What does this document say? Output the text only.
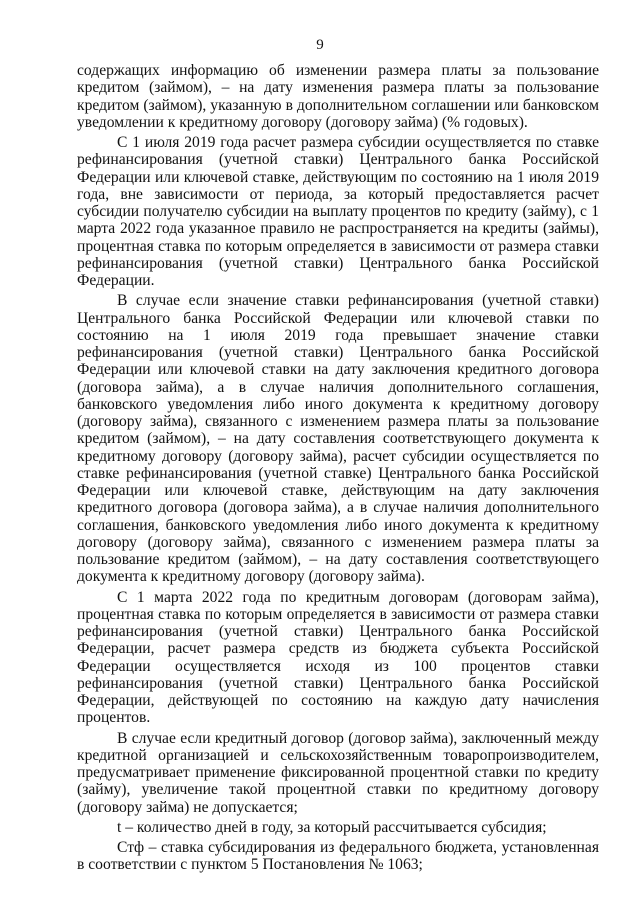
9

содержащих информацию об изменении размера платы за пользование кредитом (займом), – на дату изменения размера платы за пользование кредитом (займом), указанную в дополнительном соглашении или банковском уведомлении к кредитному договору (договору займа) (% годовых).

С 1 июля 2019 года расчет размера субсидии осуществляется по ставке рефинансирования (учетной ставки) Центрального банка Российской Федерации или ключевой ставке, действующим по состоянию на 1 июля 2019 года, вне зависимости от периода, за который предоставляется расчет субсидии получателю субсидии на выплату процентов по кредиту (займу), с 1 марта 2022 года указанное правило не распространяется на кредиты (займы), процентная ставка по которым определяется в зависимости от размера ставки рефинансирования (учетной ставки) Центрального банка Российской Федерации.

В случае если значение ставки рефинансирования (учетной ставки) Центрального банка Российской Федерации или ключевой ставки по состоянию на 1 июля 2019 года превышает значение ставки рефинансирования (учетной ставки) Центрального банка Российской Федерации или ключевой ставки на дату заключения кредитного договора (договора займа), а в случае наличия дополнительного соглашения, банковского уведомления либо иного документа к кредитному договору (договору займа), связанного с изменением размера платы за пользование кредитом (займом), – на дату составления соответствующего документа к кредитному договору (договору займа), расчет субсидии осуществляется по ставке рефинансирования (учетной ставке) Центрального банка Российской Федерации или ключевой ставке, действующим на дату заключения кредитного договора (договора займа), а в случае наличия дополнительного соглашения, банковского уведомления либо иного документа к кредитному договору (договору займа), связанного с изменением размера платы за пользование кредитом (займом), – на дату составления соответствующего документа к кредитному договору (договору займа).

С 1 марта 2022 года по кредитным договорам (договорам займа), процентная ставка по которым определяется в зависимости от размера ставки рефинансирования (учетной ставки) Центрального банка Российской Федерации, расчет размера средств из бюджета субъекта Российской Федерации осуществляется исходя из 100 процентов ставки рефинансирования (учетной ставки) Центрального банка Российской Федерации, действующей по состоянию на каждую дату начисления процентов.

В случае если кредитный договор (договор займа), заключенный между кредитной организацией и сельскохозяйственным товаропроизводителем, предусматривает применение фиксированной процентной ставки по кредиту (займу), увеличение такой процентной ставки по кредитному договору (договору займа) не допускается;

t – количество дней в году, за который рассчитывается субсидия;

Стф – ставка субсидирования из федерального бюджета, установленная в соответствии с пунктом 5 Постановления № 1063;
